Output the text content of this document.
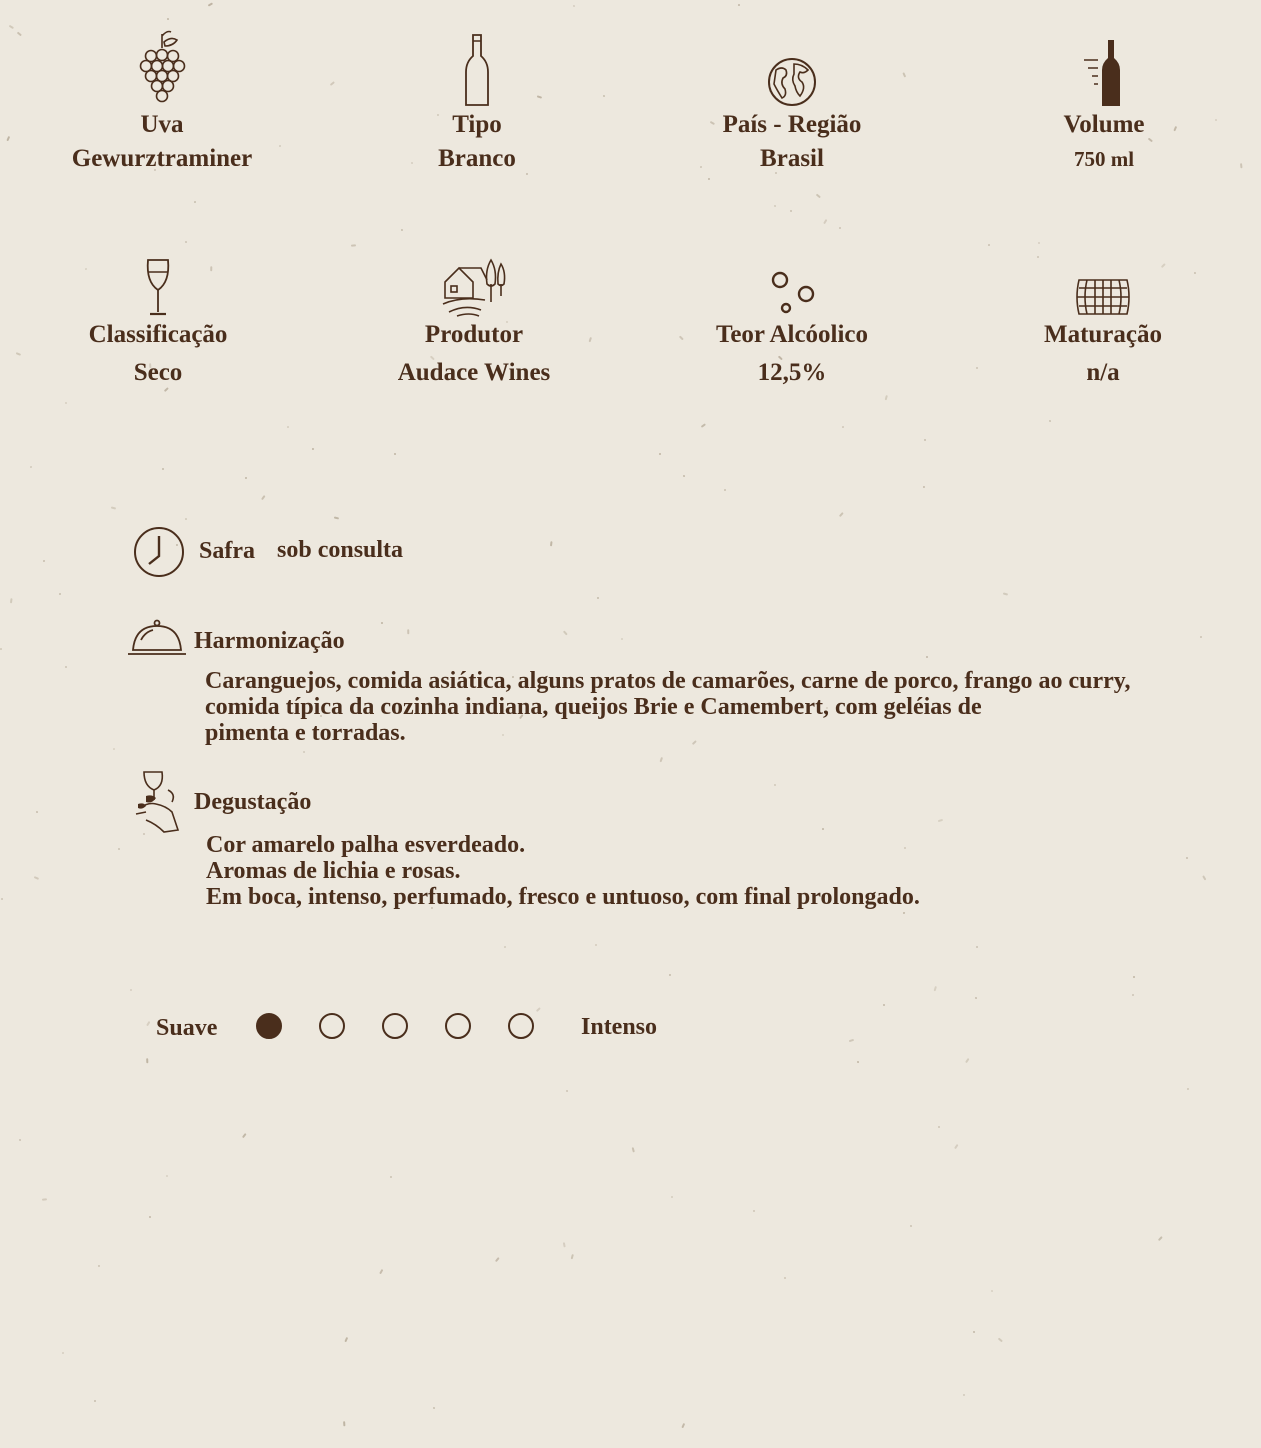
Uva
Gewurztraminer
Tipo
Branco
País - Região
Brasil
Volume
750 ml
Classificação
Seco
Produtor
Audace Wines
Teor Alcóolico
12,5%
Maturação
n/a
Safra sob consulta
Harmonização
Caranguejos, comida asiática, alguns pratos de camarões, carne de porco, frango ao curry,
comida típica da cozinha indiana, queijos Brie e Camembert, com geléias de
pimenta e torradas.
Degustação
Cor amarelo palha esverdeado.
Aromas de lichia e rosas.
Em boca, intenso, perfumado, fresco e untuoso, com final prolongado.
Suave	Intenso
